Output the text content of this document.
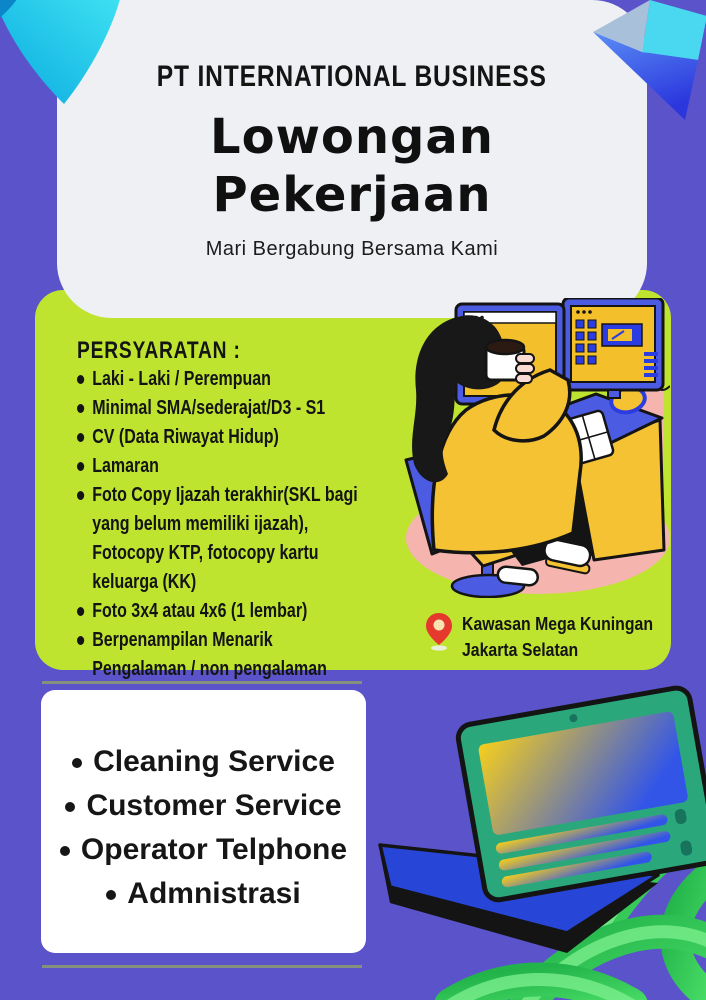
PT INTERNATIONAL BUSINESS
Lowongan
Pekerjaan
Mari Bergabung Bersama Kami
PERSYARATAN :
Laki - Laki / Perempuan
Minimal SMA/sederajat/D3 - S1
CV (Data Riwayat Hidup)
Lamaran
Foto Copy Ijazah terakhir(SKL bagi yang belum memiliki ijazah), Fotocopy KTP, fotocopy kartu keluarga (KK)
Foto 3x4 atau 4x6 (1 lembar)
Berpenampilan Menarik Pengalaman / non pengalaman
Kawasan Mega Kuningan
Jakarta Selatan
Cleaning Service
Customer Service
Operator Telphone
Admnistrasi
